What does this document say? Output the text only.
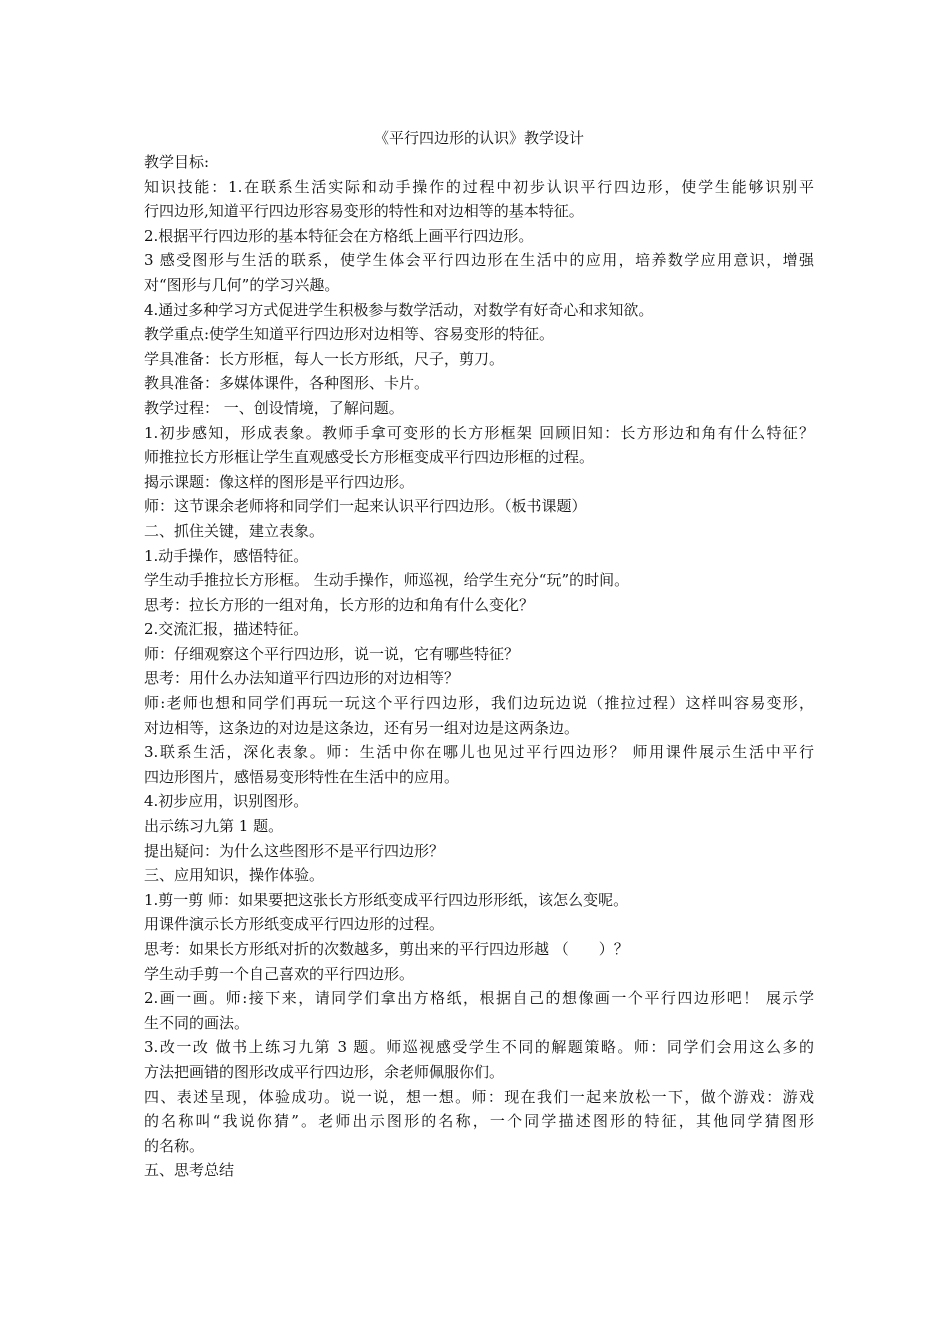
《平行四边形的认识》教学设计
教学目标:
知识技能：1.在联系生活实际和动手操作的过程中初步认识平行四边形，使学生能够识别平
行四边形,知道平行四边形容易变形的特性和对边相等的基本特征。
2.根据平行四边形的基本特征会在方格纸上画平行四边形。
3 感受图形与生活的联系，使学生体会平行四边形在生活中的应用，培养数学应用意识，增强
对“图形与几何”的学习兴趣。
4.通过多种学习方式促进学生积极参与数学活动，对数学有好奇心和求知欲。
教学重点:使学生知道平行四边形对边相等、容易变形的特征。
学具准备：长方形框，每人一长方形纸，尺子，剪刀。
教具准备：多媒体课件，各种图形、卡片。
教学过程： 一、创设情境，了解问题。
1.初步感知，形成表象。教师手拿可变形的长方形框架 回顾旧知：长方形边和角有什么特征？
师推拉长方形框让学生直观感受长方形框变成平行四边形框的过程。
揭示课题：像这样的图形是平行四边形。
师：这节课余老师将和同学们一起来认识平行四边形。（板书课题）
二、抓住关键，建立表象。
1.动手操作，感悟特征。
学生动手推拉长方形框。 生动手操作，师巡视，给学生充分“玩”的时间。
思考：拉长方形的一组对角，长方形的边和角有什么变化？
2.交流汇报，描述特征。
师：仔细观察这个平行四边形，说一说，它有哪些特征？
思考：用什么办法知道平行四边形的对边相等？
师:老师也想和同学们再玩一玩这个平行四边形，我们边玩边说（推拉过程）这样叫容易变形，
对边相等，这条边的对边是这条边，还有另一组对边是这两条边。
3.联系生活，深化表象。师：生活中你在哪儿也见过平行四边形？ 师用课件展示生活中平行
四边形图片，感悟易变形特性在生活中的应用。
4.初步应用，识别图形。
出示练习九第 1 题。
提出疑问：为什么这些图形不是平行四边形？
三、应用知识，操作体验。
1.剪一剪 师：如果要把这张长方形纸变成平行四边形形纸，该怎么变呢。
用课件演示长方形纸变成平行四边形的过程。
思考：如果长方形纸对折的次数越多，剪出来的平行四边形越 （　　）？
学生动手剪一个自己喜欢的平行四边形。
2.画一画。师:接下来，请同学们拿出方格纸，根据自己的想像画一个平行四边形吧！ 展示学
生不同的画法。
3.改一改 做书上练习九第 3 题。师巡视感受学生不同的解题策略。师：同学们会用这么多的
方法把画错的图形改成平行四边形，余老师佩服你们。
四、表述呈现，体验成功。说一说，想一想。师：现在我们一起来放松一下，做个游戏：游戏
的名称叫“我说你猜”。老师出示图形的名称，一个同学描述图形的特征，其他同学猜图形
的名称。
五、思考总结
